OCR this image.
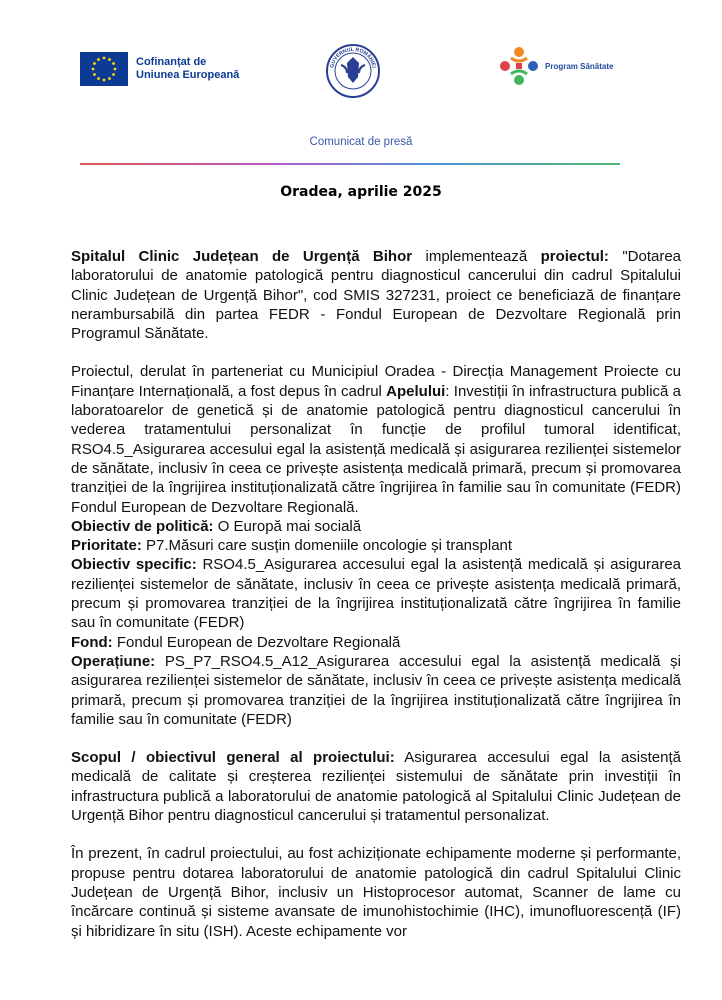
Cofinanțat de
Uniunea Europeană
GUVERNUL ROMÂNIEI	Program Sănătate
Comunicat de presă
Oradea, aprilie 2025

Spitalul Clinic Județean de Urgență Bihor implementează proiectul: "Dotarea laboratorului de anatomie patologică pentru diagnosticul cancerului din cadrul Spitalului Clinic Județean de Urgență Bihor", cod SMIS 327231, proiect ce beneficiază de finanțare nerambursabilă din partea FEDR - Fondul European de Dezvoltare Regională prin Programul Sănătate.

Proiectul, derulat în parteneriat cu Municipiul Oradea - Direcția Management Proiecte cu Finanțare Internațională, a fost depus în cadrul Apelului: Investiții în infrastructura publică a laboratoarelor de genetică și de anatomie patologică pentru diagnosticul cancerului în vederea tratamentului personalizat în funcție de profilul tumoral identificat, RSO4.5_Asigurarea accesului egal la asistență medicală și asigurarea rezilienței sistemelor de sănătate, inclusiv în ceea ce privește asistența medicală primară, precum și promovarea tranziției de la îngrijirea instituționalizată către îngrijirea în familie sau în comunitate (FEDR) Fondul European de Dezvoltare Regională.

Obiectiv de politică: O Europă mai socială

Prioritate: P7.Măsuri care susțin domeniile oncologie și transplant

Obiectiv specific: RSO4.5_Asigurarea accesului egal la asistență medicală și asigurarea rezilienței sistemelor de sănătate, inclusiv în ceea ce privește asistența medicală primară, precum și promovarea tranziției de la îngrijirea instituționalizată către îngrijirea în familie sau în comunitate (FEDR)

Fond: Fondul European de Dezvoltare Regională

Operațiune: PS_P7_RSO4.5_A12_Asigurarea accesului egal la asistență medicală și asigurarea rezilienței sistemelor de sănătate, inclusiv în ceea ce privește asistența medicală primară, precum și promovarea tranziției de la îngrijirea instituționalizată către îngrijirea în familie sau în comunitate (FEDR)

Scopul / obiectivul general al proiectului: Asigurarea accesului egal la asistență medicală de calitate și creșterea rezilienței sistemului de sănătate prin investiții în infrastructura publică a laboratorului de anatomie patologică al Spitalului Clinic Județean de Urgență Bihor pentru diagnosticul cancerului și tratamentul personalizat.

În prezent, în cadrul proiectului, au fost achiziționate echipamente moderne și performante, propuse pentru dotarea laboratorului de anatomie patologică din cadrul Spitalului Clinic Județean de Urgență Bihor, inclusiv un Histoprocesor automat, Scanner de lame cu încărcare continuă și sisteme avansate de imunohistochimie (IHC), imunofluorescență (IF) și hibridizare în situ (ISH). Aceste echipamente vor
